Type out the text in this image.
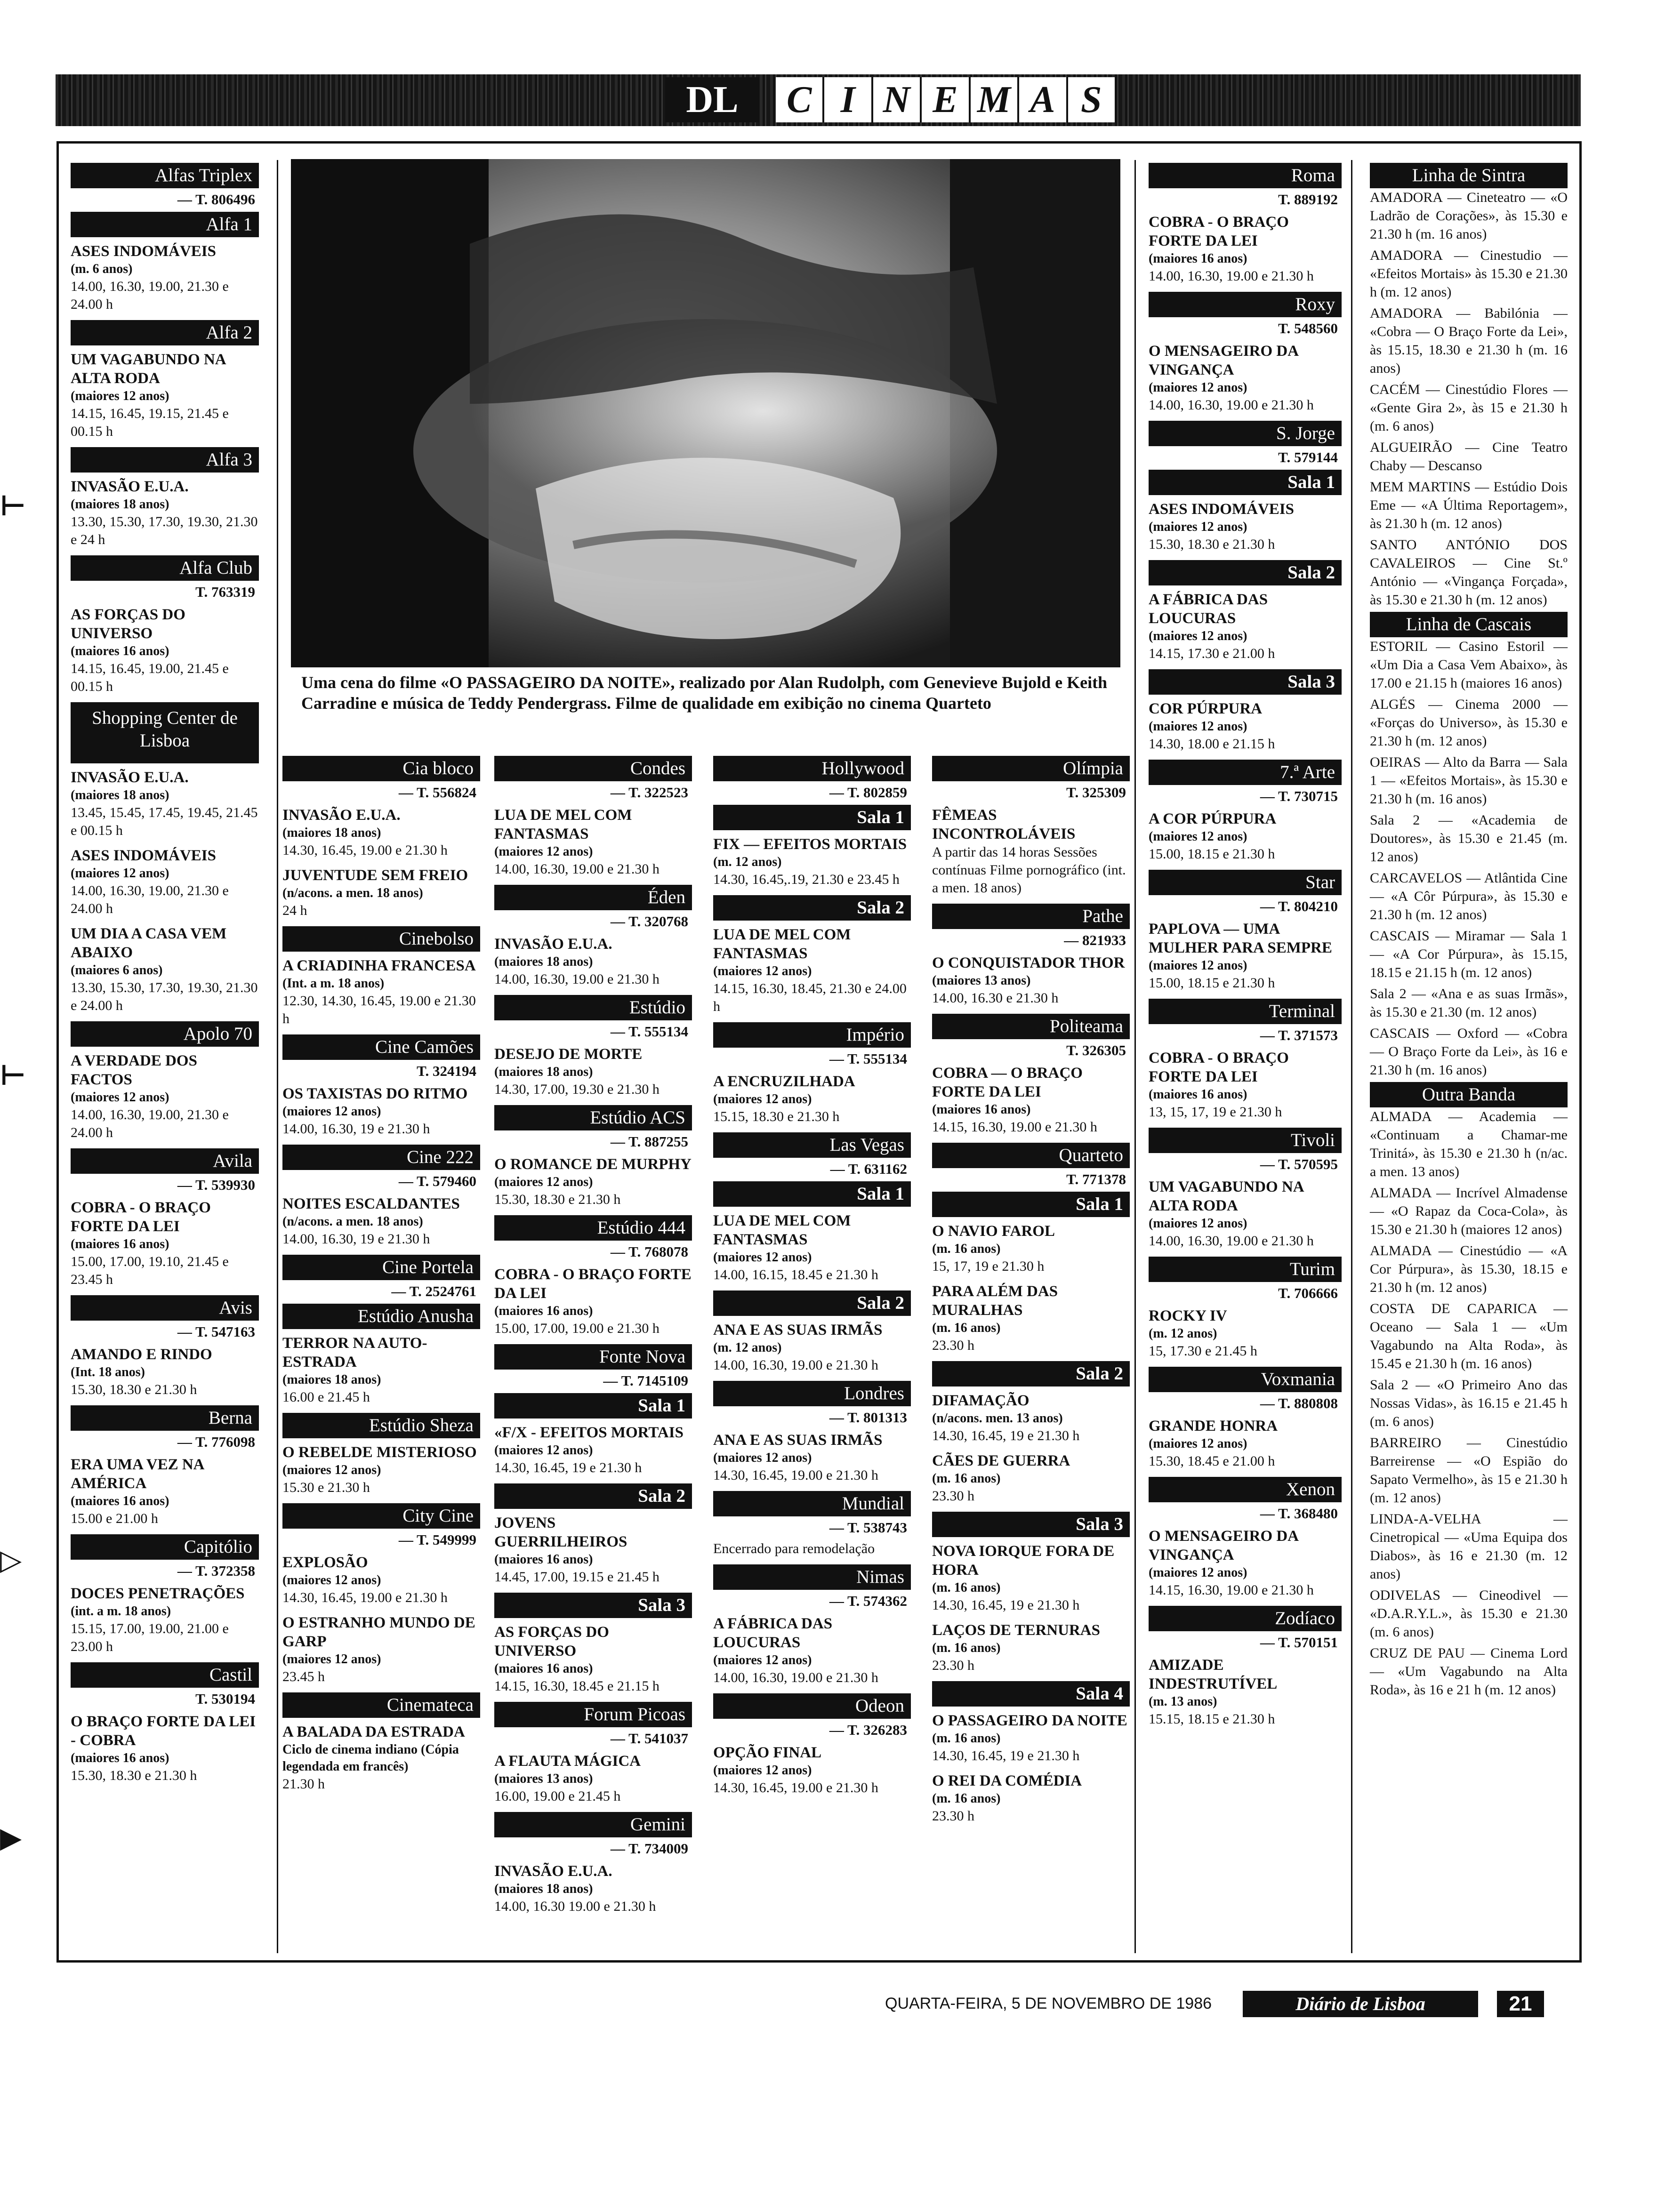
DL	C I N E M A S
Uma cena do filme «O PASSAGEIRO DA NOITE», realizado por Alan Rudolph, com Genevieve Bujold e Keith Carradine e música de Teddy Pendergrass. Filme de qualidade em exibição no cinema Quarteto
Alfas Triplex
— T. 806496
Alfa 1
ASES INDOMÁVEIS
(m. 6 anos)
14.00, 16.30, 19.00, 21.30 e 24.00 h
Alfa 2
UM VAGABUNDO NA ALTA RODA
(maiores 12 anos)
14.15, 16.45, 19.15, 21.45 e 00.15 h
Alfa 3
INVASÃO E.U.A.
(maiores 18 anos)
13.30, 15.30, 17.30, 19.30, 21.30 e 24 h
Alfa Club
T. 763319
AS FORÇAS DO UNIVERSO
(maiores 16 anos)
14.15, 16.45, 19.00, 21.45 e 00.15 h
Shopping Center de Lisboa
INVASÃO E.U.A.
(maiores 18 anos)
13.45, 15.45, 17.45, 19.45, 21.45 e 00.15 h
ASES INDOMÁVEIS
(maiores 12 anos)
14.00, 16.30, 19.00, 21.30 e 24.00 h
UM DIA A CASA VEM ABAIXO
(maiores 6 anos)
13.30, 15.30, 17.30, 19.30, 21.30 e 24.00 h
Apolo 70
A VERDADE DOS FACTOS
(maiores 12 anos)
14.00, 16.30, 19.00, 21.30 e 24.00 h
Avila
— T. 539930
COBRA - O BRAÇO FORTE DA LEI
(maiores 16 anos)
15.00, 17.00, 19.10, 21.45 e 23.45 h
Avis
— T. 547163
AMANDO E RINDO
(Int. 18 anos)
15.30, 18.30 e 21.30 h
Berna
— T. 776098
ERA UMA VEZ NA AMÉRICA
(maiores 16 anos)
15.00 e 21.00 h
Capitólio
— T. 372358
DOCES PENETRAÇÕES
(int. a m. 18 anos)
15.15, 17.00, 19.00, 21.00 e 23.00 h
Castil
T. 530194
O BRAÇO FORTE DA LEI - COBRA
(maiores 16 anos)
15.30, 18.30 e 21.30 h
Cia bloco
— T. 556824
INVASÃO E.U.A.
(maiores 18 anos)
14.30, 16.45, 19.00 e 21.30 h
JUVENTUDE SEM FREIO
(n/acons. a men. 18 anos)
24 h
Cinebolso
A CRIADINHA FRANCESA
(Int. a m. 18 anos)
12.30, 14.30, 16.45, 19.00 e 21.30 h
Cine Camões
T. 324194
OS TAXISTAS DO RITMO
(maiores 12 anos)
14.00, 16.30, 19 e 21.30 h
Cine 222
— T. 579460
NOITES ESCALDANTES
(n/acons. a men. 18 anos)
14.00, 16.30, 19 e 21.30 h
Cine Portela
— T. 2524761
Estúdio Anusha
TERROR NA AUTO-ESTRADA
(maiores 18 anos)
16.00 e 21.45 h
Estúdio Sheza
O REBELDE MISTERIOSO
(maiores 12 anos)
15.30 e 21.30 h
City Cine
— T. 549999
EXPLOSÃO
(maiores 12 anos)
14.30, 16.45, 19.00 e 21.30 h
O ESTRANHO MUNDO DE GARP
(maiores 12 anos)
23.45 h
Cinemateca
A BALADA DA ESTRADA
Ciclo de cinema indiano (Cópia legendada em francês)
21.30 h
Condes
— T. 322523
LUA DE MEL COM FANTASMAS
(maiores 12 anos)
14.00, 16.30, 19.00 e 21.30 h
Éden
— T. 320768
INVASÃO E.U.A.
(maiores 18 anos)
14.00, 16.30, 19.00 e 21.30 h
Estúdio
— T. 555134
DESEJO DE MORTE
(maiores 18 anos)
14.30, 17.00, 19.30 e 21.30 h
Estúdio ACS
— T. 887255
O ROMANCE DE MURPHY
(maiores 12 anos)
15.30, 18.30 e 21.30 h
Estúdio 444
— T. 768078
COBRA - O BRAÇO FORTE DA LEI
(maiores 16 anos)
15.00, 17.00, 19.00 e 21.30 h
Fonte Nova
— T. 7145109
Sala 1
«F/X - EFEITOS MORTAIS
(maiores 12 anos)
14.30, 16.45, 19 e 21.30 h
Sala 2
JOVENS GUERRILHEIROS
(maiores 16 anos)
14.45, 17.00, 19.15 e 21.45 h
Sala 3
AS FORÇAS DO UNIVERSO
(maiores 16 anos)
14.15, 16.30, 18.45 e 21.15 h
Forum Picoas
— T. 541037
A FLAUTA MÁGICA
(maiores 13 anos)
16.00, 19.00 e 21.45 h
Gemini
— T. 734009
INVASÃO E.U.A.
(maiores 18 anos)
14.00, 16.30 19.00 e 21.30 h
Hollywood
— T. 802859
Sala 1
FIX — EFEITOS MORTAIS
(m. 12 anos)
14.30, 16.45,.19, 21.30 e 23.45 h
Sala 2
LUA DE MEL COM FANTASMAS
(maiores 12 anos)
14.15, 16.30, 18.45, 21.30 e 24.00 h
Império
— T. 555134
A ENCRUZILHADA
(maiores 12 anos)
15.15, 18.30 e 21.30 h
Las Vegas
— T. 631162
Sala 1
LUA DE MEL COM FANTASMAS
(maiores 12 anos)
14.00, 16.15, 18.45 e 21.30 h
Sala 2
ANA E AS SUAS IRMÃS
(m. 12 anos)
14.00, 16.30, 19.00 e 21.30 h
Londres
— T. 801313
ANA E AS SUAS IRMÃS
(maiores 12 anos)
14.30, 16.45, 19.00 e 21.30 h
Mundial
— T. 538743
Encerrado para remodelação
Nimas
— T. 574362
A FÁBRICA DAS LOUCURAS
(maiores 12 anos)
14.00, 16.30, 19.00 e 21.30 h
Odeon
— T. 326283
OPÇÃO FINAL
(maiores 12 anos)
14.30, 16.45, 19.00 e 21.30 h
Olímpia
T. 325309
FÊMEAS INCONTROLÁVEIS
A partir das 14 horas Sessões contínuas Filme pornográfico (int. a men. 18 anos)
Pathe
— 821933
O CONQUISTADOR THOR
(maiores 13 anos)
14.00, 16.30 e 21.30 h
Politeama
T. 326305
COBRA — O BRAÇO FORTE DA LEI
(maiores 16 anos)
14.15, 16.30, 19.00 e 21.30 h
Quarteto
T. 771378
Sala 1
O NAVIO FAROL
(m. 16 anos)
15, 17, 19 e 21.30 h
PARA ALÉM DAS MURALHAS
(m. 16 anos)
23.30 h
Sala 2
DIFAMAÇÃO
(n/acons. men. 13 anos)
14.30, 16.45, 19 e 21.30 h
CÃES DE GUERRA
(m. 16 anos)
23.30 h
Sala 3
NOVA IORQUE FORA DE HORA
(m. 16 anos)
14.30, 16.45, 19 e 21.30 h
LAÇOS DE TERNURAS
(m. 16 anos)
23.30 h
Sala 4
O PASSAGEIRO DA NOITE
(m. 16 anos)
14.30, 16.45, 19 e 21.30 h
O REI DA COMÉDIA
(m. 16 anos)
23.30 h
Roma
T. 889192
COBRA - O BRAÇO FORTE DA LEI
(maiores 16 anos)
14.00, 16.30, 19.00 e 21.30 h
Roxy
T. 548560
O MENSAGEIRO DA VINGANÇA
(maiores 12 anos)
14.00, 16.30, 19.00 e 21.30 h
S. Jorge
T. 579144
Sala 1
ASES INDOMÁVEIS
(maiores 12 anos)
15.30, 18.30 e 21.30 h
Sala 2
A FÁBRICA DAS LOUCURAS
(maiores 12 anos)
14.15, 17.30 e 21.00 h
Sala 3
COR PÚRPURA
(maiores 12 anos)
14.30, 18.00 e 21.15 h
7.ª Arte
— T. 730715
A COR PÚRPURA
(maiores 12 anos)
15.00, 18.15 e 21.30 h
Star
— T. 804210
PAPLOVA — UMA MULHER PARA SEMPRE
(maiores 12 anos)
15.00, 18.15 e 21.30 h
Terminal
— T. 371573
COBRA - O BRAÇO FORTE DA LEI
(maiores 16 anos)
13, 15, 17, 19 e 21.30 h
Tivoli
— T. 570595
UM VAGABUNDO NA ALTA RODA
(maiores 12 anos)
14.00, 16.30, 19.00 e 21.30 h
Turim
T. 706666
ROCKY IV
(m. 12 anos)
15, 17.30 e 21.45 h
Voxmania
— T. 880808
GRANDE HONRA
(maiores 12 anos)
15.30, 18.45 e 21.00 h
Xenon
— T. 368480
O MENSAGEIRO DA VINGANÇA
(maiores 12 anos)
14.15, 16.30, 19.00 e 21.30 h
Zodíaco
— T. 570151
AMIZADE INDESTRUTÍVEL
(m. 13 anos)
15.15, 18.15 e 21.30 h
Linha de Sintra
AMADORA — Cineteatro — «O Ladrão de Corações», às 15.30 e 21.30 h (m. 16 anos)
AMADORA — Cinestudio — «Efeitos Mortais» às 15.30 e 21.30 h (m. 12 anos)
AMADORA — Babilónia — «Cobra — O Braço Forte da Lei», às 15.15, 18.30 e 21.30 h (m. 16 anos)
CACÉM — Cinestúdio Flores — «Gente Gira 2», às 15 e 21.30 h (m. 6 anos)
ALGUEIRÃO — Cine Teatro Chaby — Descanso
MEM MARTINS — Estúdio Dois Eme — «A Última Reportagem», às 21.30 h (m. 12 anos)
SANTO ANTÓNIO DOS CAVALEIROS — Cine St.º António — «Vingança Forçada», às 15.30 e 21.30 h (m. 12 anos)
Linha de Cascais
ESTORIL — Casino Estoril — «Um Dia a Casa Vem Abaixo», às 17.00 e 21.15 h (maiores 16 anos)
ALGÉS — Cinema 2000 — «Forças do Universo», às 15.30 e 21.30 h (m. 12 anos)
OEIRAS — Alto da Barra — Sala 1 — «Efeitos Mortais», às 15.30 e 21.30 h (m. 16 anos)
Sala 2 — «Academia de Doutores», às 15.30 e 21.45 (m. 12 anos)
CARCAVELOS — Atlântida Cine — «A Côr Púrpura», às 15.30 e 21.30 h (m. 12 anos)
CASCAIS — Miramar — Sala 1 — «A Cor Púrpura», às 15.15, 18.15 e 21.15 h (m. 12 anos)
Sala 2 — «Ana e as suas Irmãs», às 15.30 e 21.30 (m. 12 anos)
CASCAIS — Oxford — «Cobra — O Braço Forte da Lei», às 16 e 21.30 h (m. 16 anos)
Outra Banda
ALMADA — Academia — «Continuam a Chamar-me Trinitá», às 15.30 e 21.30 h (n/ac. a men. 13 anos)
ALMADA — Incrível Almadense — «O Rapaz da Coca-Cola», às 15.30 e 21.30 h (maiores 12 anos)
ALMADA — Cinestúdio — «A Cor Púrpura», às 15.30, 18.15 e 21.30 h (m. 12 anos)
COSTA DE CAPARICA — Oceano — Sala 1 — «Um Vagabundo na Alta Roda», às 15.45 e 21.30 h (m. 16 anos)
Sala 2 — «O Primeiro Ano das Nossas Vidas», às 16.15 e 21.45 h (m. 6 anos)
BARREIRO — Cinestúdio Barreirense — «O Espião do Sapato Vermelho», às 15 e 21.30 h (m. 12 anos)
LINDA-A-VELHA — Cinetropical — «Uma Equipa dos Diabos», às 16 e 21.30 (m. 12 anos)
ODIVELAS — Cineodivel — «D.A.R.Y.L.», às 15.30 e 21.30 (m. 6 anos)
CRUZ DE PAU — Cinema Lord — «Um Vagabundo na Alta Roda», às 16 e 21 h (m. 12 anos)
QUARTA-FEIRA, 5 DE NOVEMBRO DE 1986	Diário de Lisboa	21
⊢
⊢
▷
▶
